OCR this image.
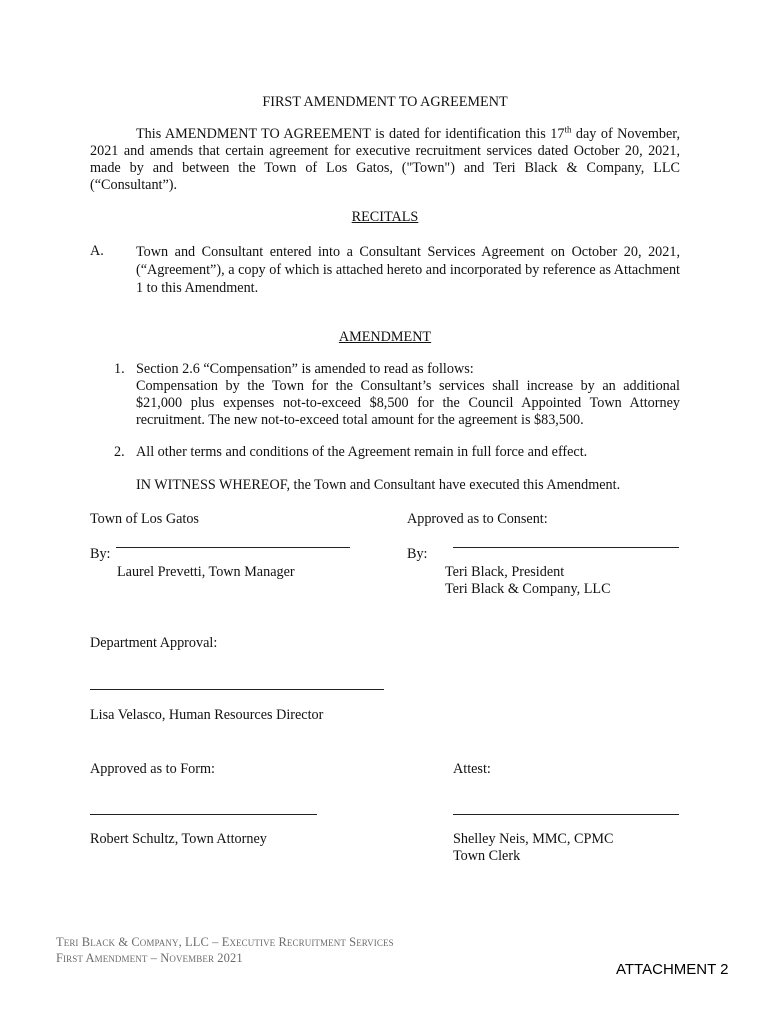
FIRST AMENDMENT TO AGREEMENT
This AMENDMENT TO AGREEMENT is dated for identification this 17th day of November, 2021 and amends that certain agreement for executive recruitment services dated October 20, 2021, made by and between the Town of Los Gatos, ("Town") and Teri Black & Company, LLC (“Consultant”).
RECITALS
A. Town and Consultant entered into a Consultant Services Agreement on October 20, 2021, (“Agreement”), a copy of which is attached hereto and incorporated by reference as Attachment 1 to this Amendment.
AMENDMENT
1. Section 2.6 “Compensation” is amended to read as follows:
Compensation by the Town for the Consultant’s services shall increase by an additional $21,000 plus expenses not-to-exceed $8,500 for the Council Appointed Town Attorney recruitment. The new not-to-exceed total amount for the agreement is $83,500.
2. All other terms and conditions of the Agreement remain in full force and effect.
IN WITNESS WHEREOF, the Town and Consultant have executed this Amendment.
Town of Los Gatos	Approved as to Consent:
By:	By:
Laurel Prevetti, Town Manager	Teri Black, President
Teri Black & Company, LLC
Department Approval:
Lisa Velasco, Human Resources Director
Approved as to Form:	Attest:
Robert Schultz, Town Attorney	Shelley Neis, MMC, CPMC
Town Clerk
Teri Black & Company, LLC – Executive Recruitment Services
First Amendment – November 2021
ATTACHMENT 2
